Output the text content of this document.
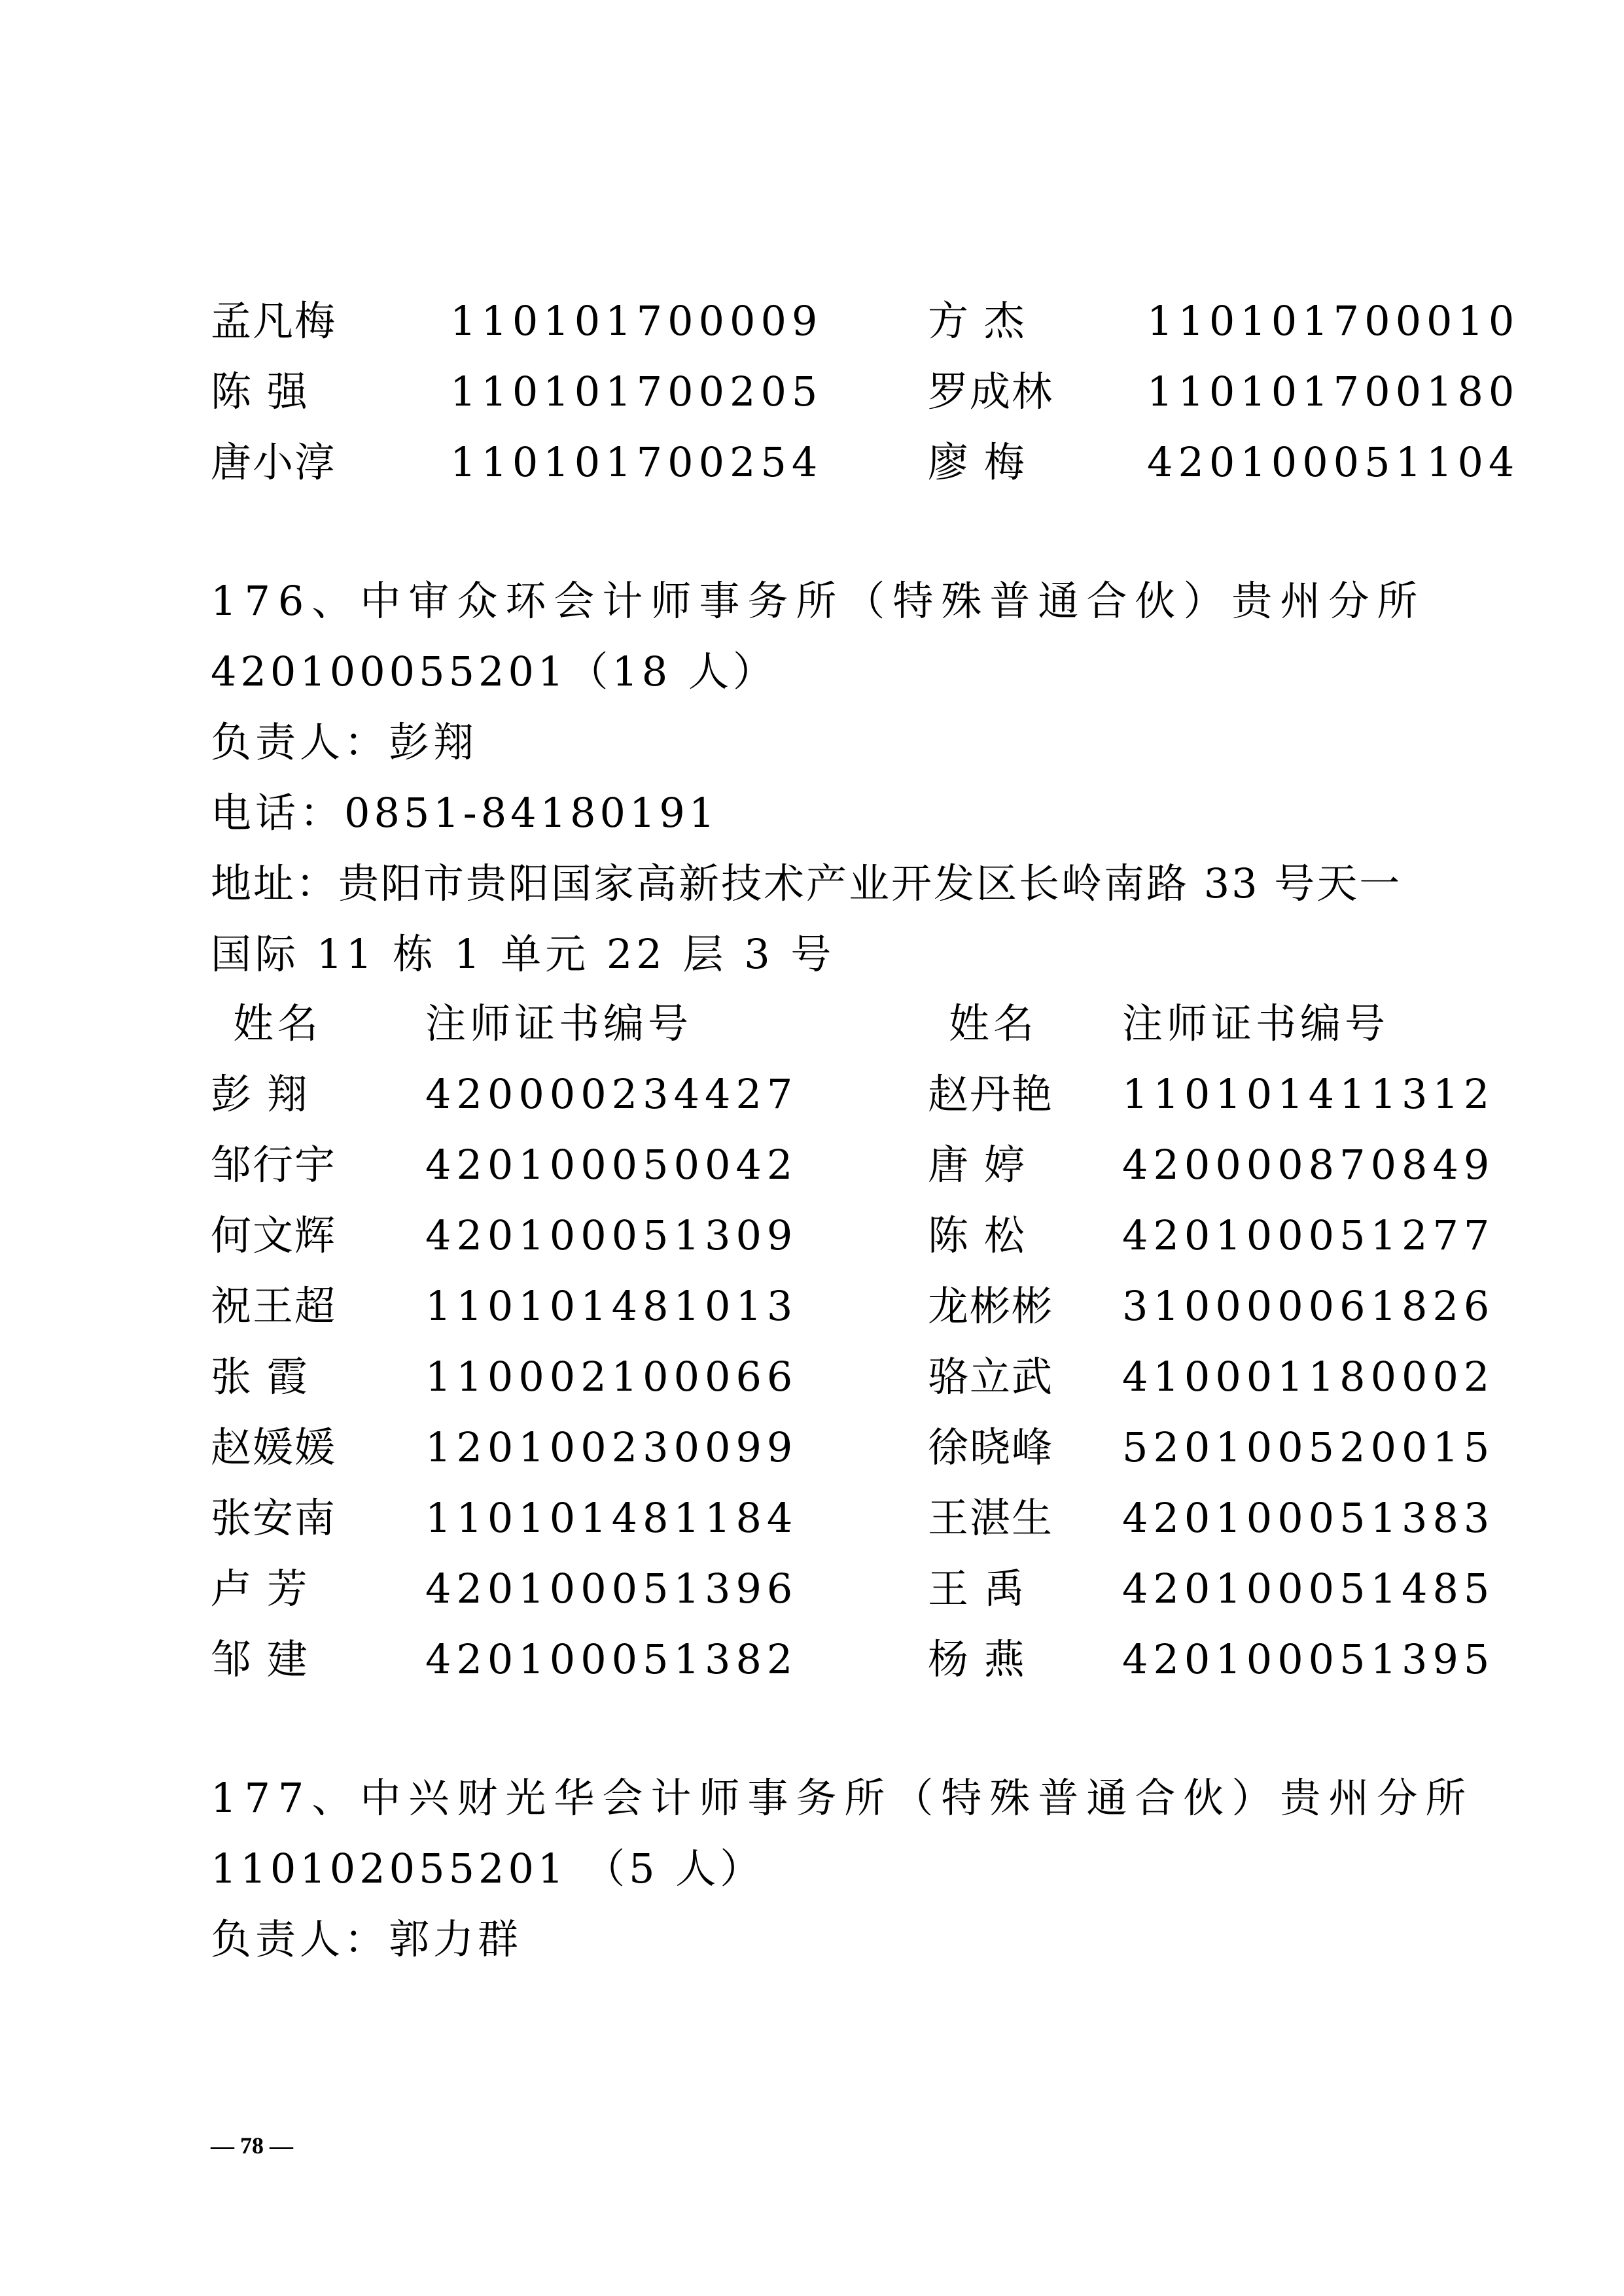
孟凡梅	110101700009	方 杰	110101700010
陈 强	110101700205	罗成林 110101700180
唐小淳	110101700254	廖 梅	420100051104
176、中审众环会计师事务所（特殊普通合伙）贵州分所
420100055201（18 人）
负责人：彭翔
电话：0851-84180191
地址：贵阳市贵阳国家高新技术产业开发区长岭南路 33 号天一
国际 11 栋 1 单元 22 层 3 号
姓名	注师证书编号	姓名 注师证书编号
彭 翔	420000234427	赵丹艳 110101411312
邹行宇 420100050042	唐 婷 420000870849
何文辉 420100051309	陈 松 420100051277
祝王超 110101481013	龙彬彬 310000061826
张 霞	110002100066	骆立武 410001180002
赵媛媛 120100230099	徐晓峰 520100520015
张安南 110101481184	王湛生 420100051383
卢 芳	420100051396	王 禹 420100051485
邹 建	420100051382	杨 燕 420100051395
177、中兴财光华会计师事务所（特殊普通合伙）贵州分所
110102055201 （5 人）
负责人：郭力群
— 78 —
